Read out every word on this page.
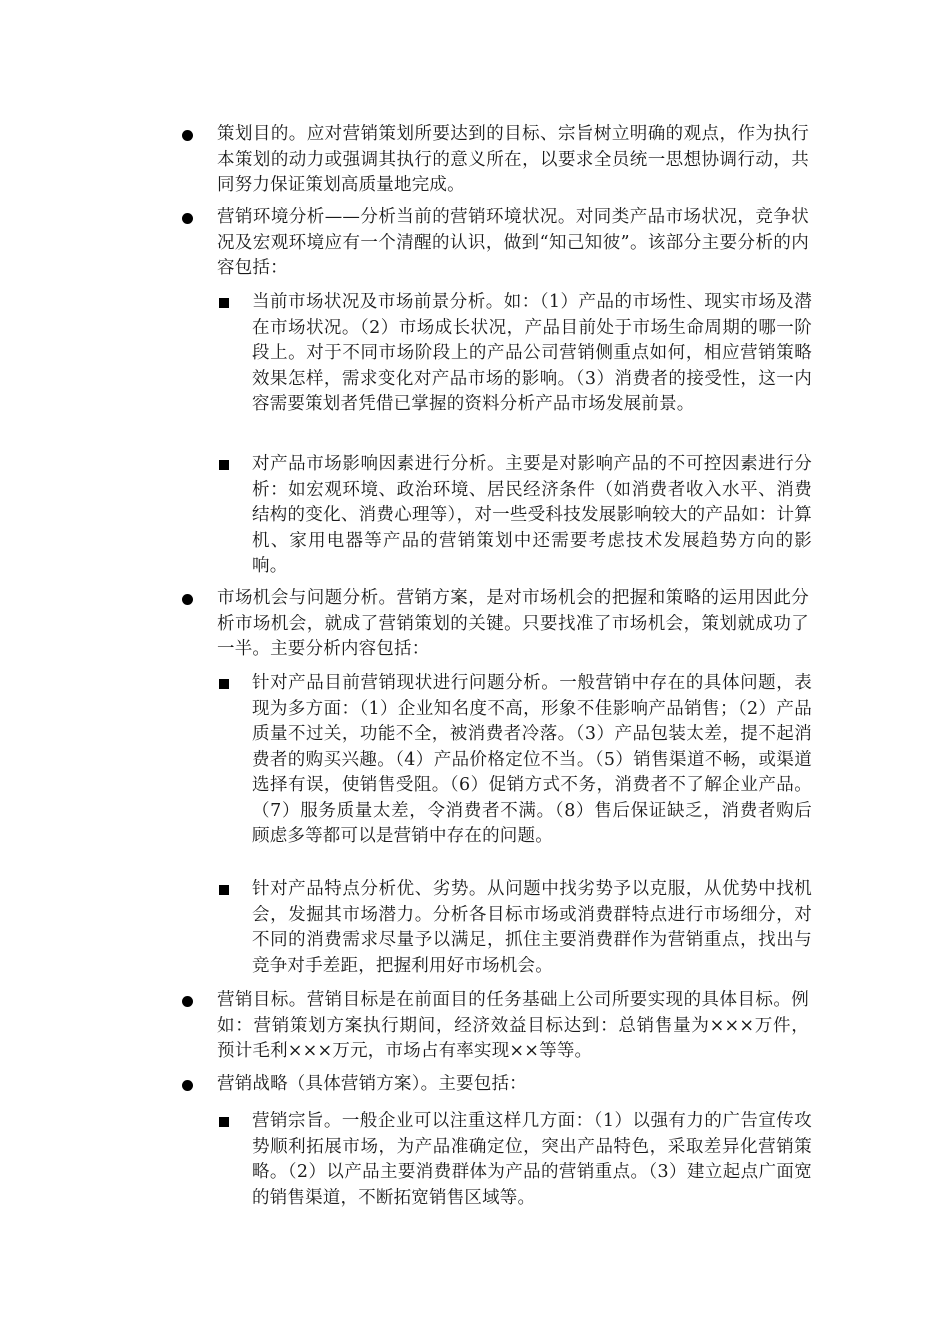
策划目的。应对营销策划所要达到的目标、宗旨树立明确的观点，作为执行本策划的动力或强调其执行的意义所在，以要求全员统一思想协调行动，共同努力保证策划高质量地完成。
营销环境分析——分析当前的营销环境状况。对同类产品市场状况，竞争状况及宏观环境应有一个清醒的认识，做到“知己知彼”。该部分主要分析的内容包括：
当前市场状况及市场前景分析。如：（1）产品的市场性、现实市场及潜在市场状况。（2）市场成长状况，产品目前处于市场生命周期的哪一阶段上。对于不同市场阶段上的产品公司营销侧重点如何，相应营销策略效果怎样，需求变化对产品市场的影响。（3）消费者的接受性，这一内容需要策划者凭借已掌握的资料分析产品市场发展前景。
对产品市场影响因素进行分析。主要是对影响产品的不可控因素进行分析：如宏观环境、政治环境、居民经济条件（如消费者收入水平、消费结构的变化、消费心理等），对一些受科技发展影响较大的产品如：计算机、家用电器等产品的营销策划中还需要考虑技术发展趋势方向的影响。
市场机会与问题分析。营销方案，是对市场机会的把握和策略的运用因此分析市场机会，就成了营销策划的关键。只要找准了市场机会，策划就成功了一半。主要分析内容包括：
针对产品目前营销现状进行问题分析。一般营销中存在的具体问题，表现为多方面：（1）企业知名度不高，形象不佳影响产品销售；（2）产品质量不过关，功能不全，被消费者冷落。（3）产品包装太差，提不起消费者的购买兴趣。（4）产品价格定位不当。（5）销售渠道不畅，或渠道选择有误，使销售受阻。（6）促销方式不务，消费者不了解企业产品。（7）服务质量太差，令消费者不满。（8）售后保证缺乏，消费者购后顾虑多等都可以是营销中存在的问题。
针对产品特点分析优、劣势。从问题中找劣势予以克服，从优势中找机会，发掘其市场潜力。分析各目标市场或消费群特点进行市场细分，对不同的消费需求尽量予以满足，抓住主要消费群作为营销重点，找出与竞争对手差距，把握利用好市场机会。
营销目标。营销目标是在前面目的任务基础上公司所要实现的具体目标。例如：营销策划方案执行期间，经济效益目标达到：总销售量为×××万件，预计毛利×××万元，市场占有率实现××等等。
营销战略（具体营销方案）。主要包括：
营销宗旨。一般企业可以注重这样几方面：（1）以强有力的广告宣传攻势顺利拓展市场，为产品准确定位，突出产品特色，采取差异化营销策略。（2）以产品主要消费群体为产品的营销重点。（3）建立起点广面宽的销售渠道，不断拓宽销售区域等。
